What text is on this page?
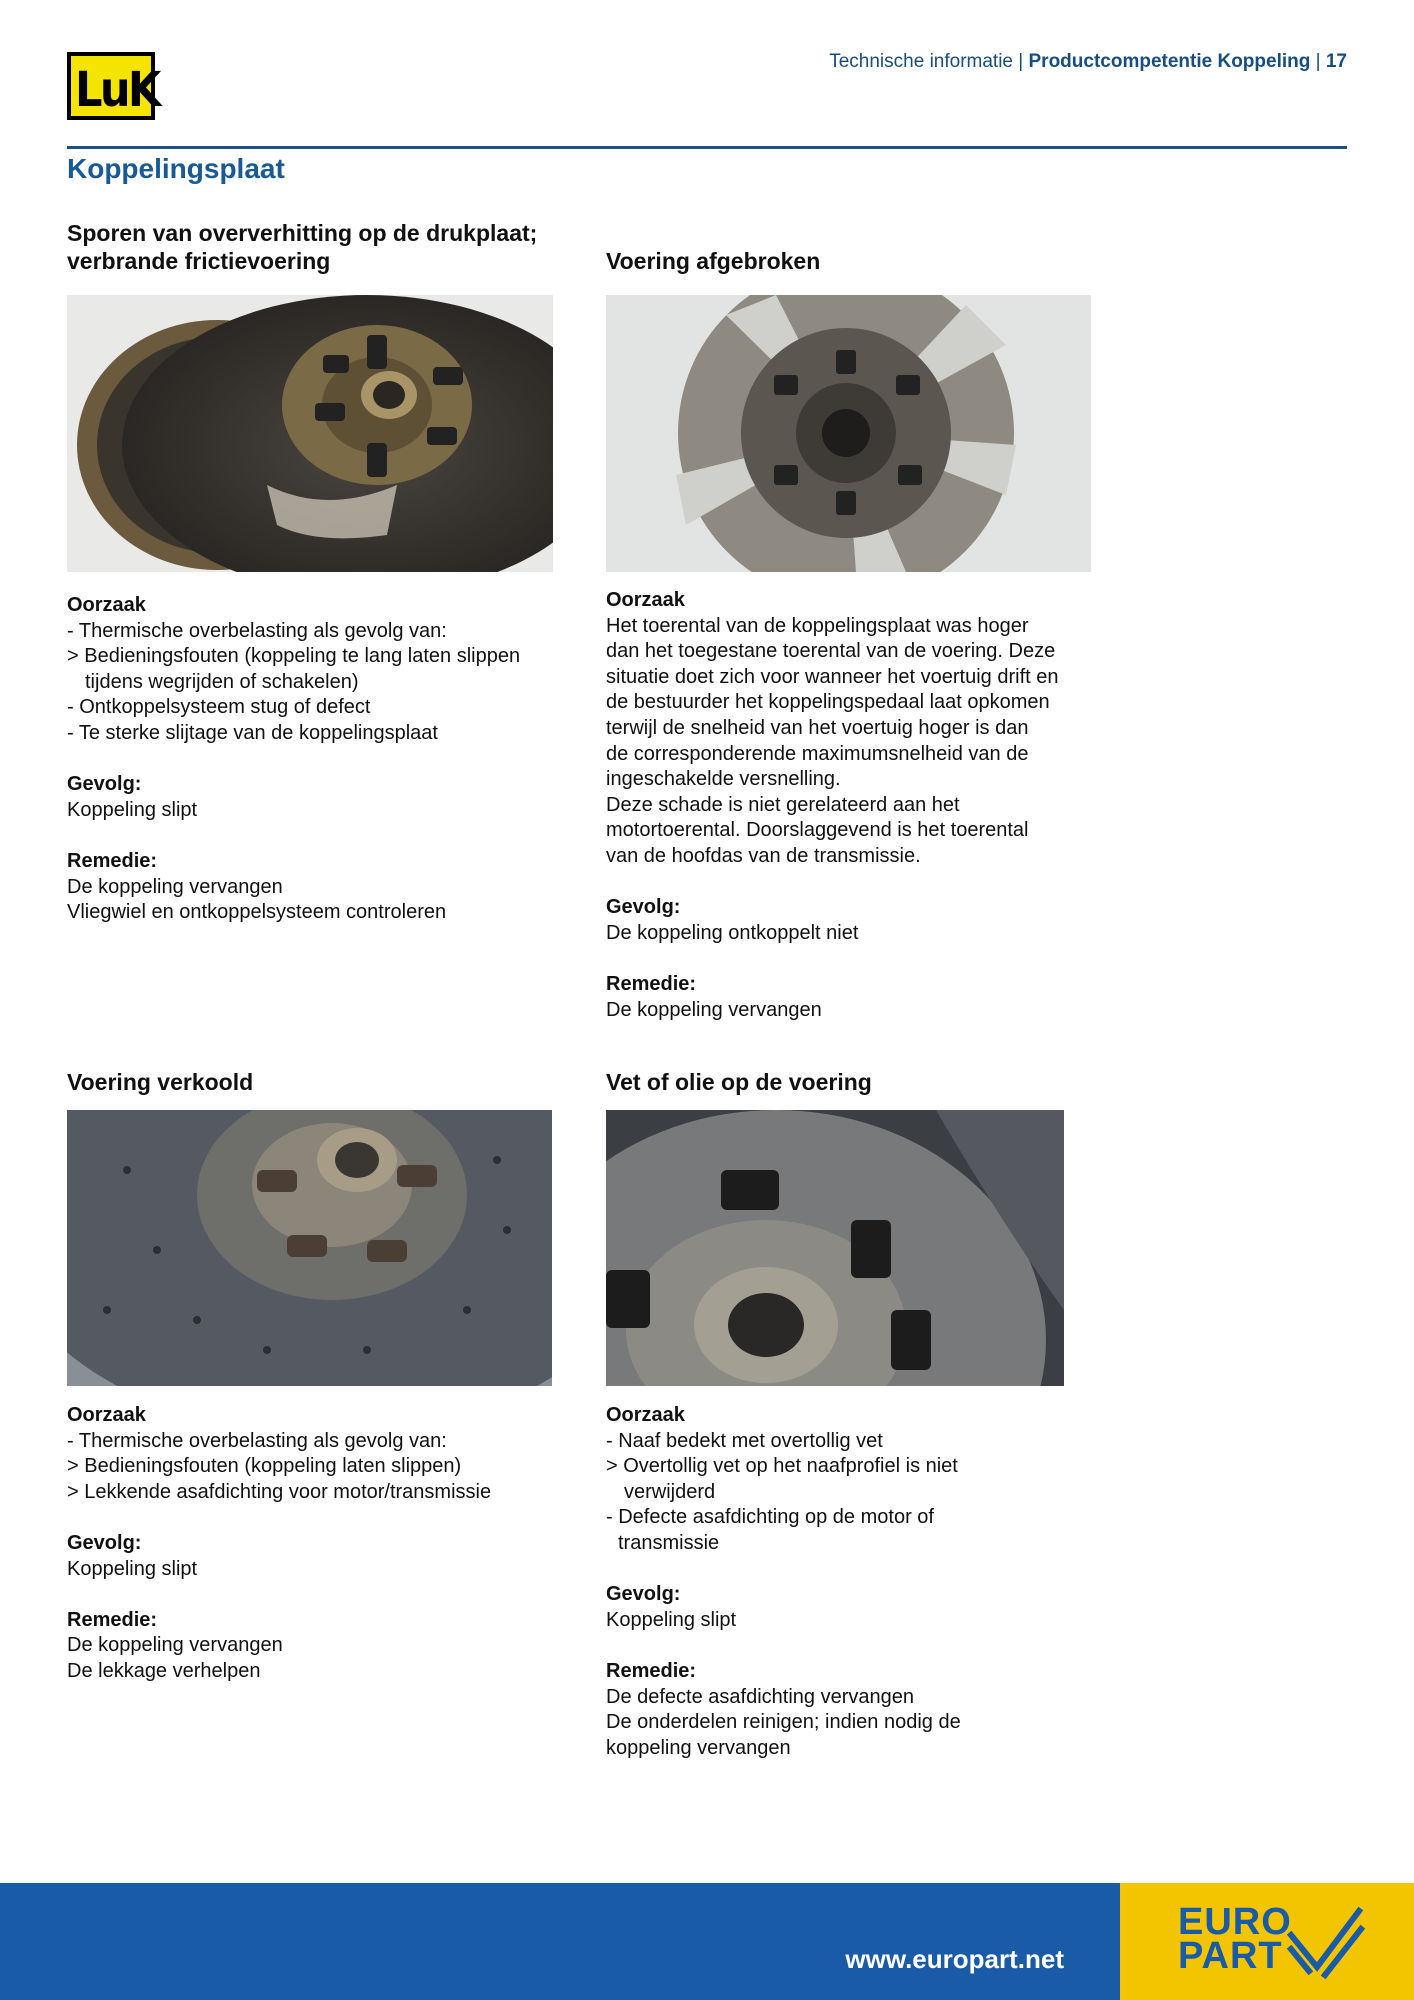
LuK
Technische informatie | Productcompetentie Koppeling | 17
Koppelingsplaat
Sporen van oververhitting op de drukplaat;
verbrande frictievoering
Oorzaak
- Thermische overbelasting als gevolg van:
> Bedieningsfouten (koppeling te lang laten slippen
tijdens wegrijden of schakelen)
- Ontkoppelsysteem stug of defect
- Te sterke slijtage van de koppelingsplaat
Gevolg:
Koppeling slipt
Remedie:
De koppeling vervangen
Vliegwiel en ontkoppelsysteem controleren
Voering afgebroken
Oorzaak
Het toerental van de koppelingsplaat was hoger
dan het toegestane toerental van de voering. Deze
situatie doet zich voor wanneer het voertuig drift en
de bestuurder het koppelingspedaal laat opkomen
terwijl de snelheid van het voertuig hoger is dan
de corresponderende maximumsnelheid van de
ingeschakelde versnelling.
Deze schade is niet gerelateerd aan het
motortoerental. Doorslaggevend is het toerental
van de hoofdas van de transmissie.
Gevolg:
De koppeling ontkoppelt niet
Remedie:
De koppeling vervangen
Voering verkoold
Oorzaak
- Thermische overbelasting als gevolg van:
> Bedieningsfouten (koppeling laten slippen)
> Lekkende asafdichting voor motor/transmissie
Gevolg:
Koppeling slipt
Remedie:
De koppeling vervangen
De lekkage verhelpen
Vet of olie op de voering
Oorzaak
- Naaf bedekt met overtollig vet
> Overtollig vet op het naafprofiel is niet
verwijderd
- Defecte asafdichting op de motor of
transmissie
Gevolg:
Koppeling slipt
Remedie:
De defecte asafdichting vervangen
De onderdelen reinigen; indien nodig de
koppeling vervangen
www.europart.net
EURO
PART
